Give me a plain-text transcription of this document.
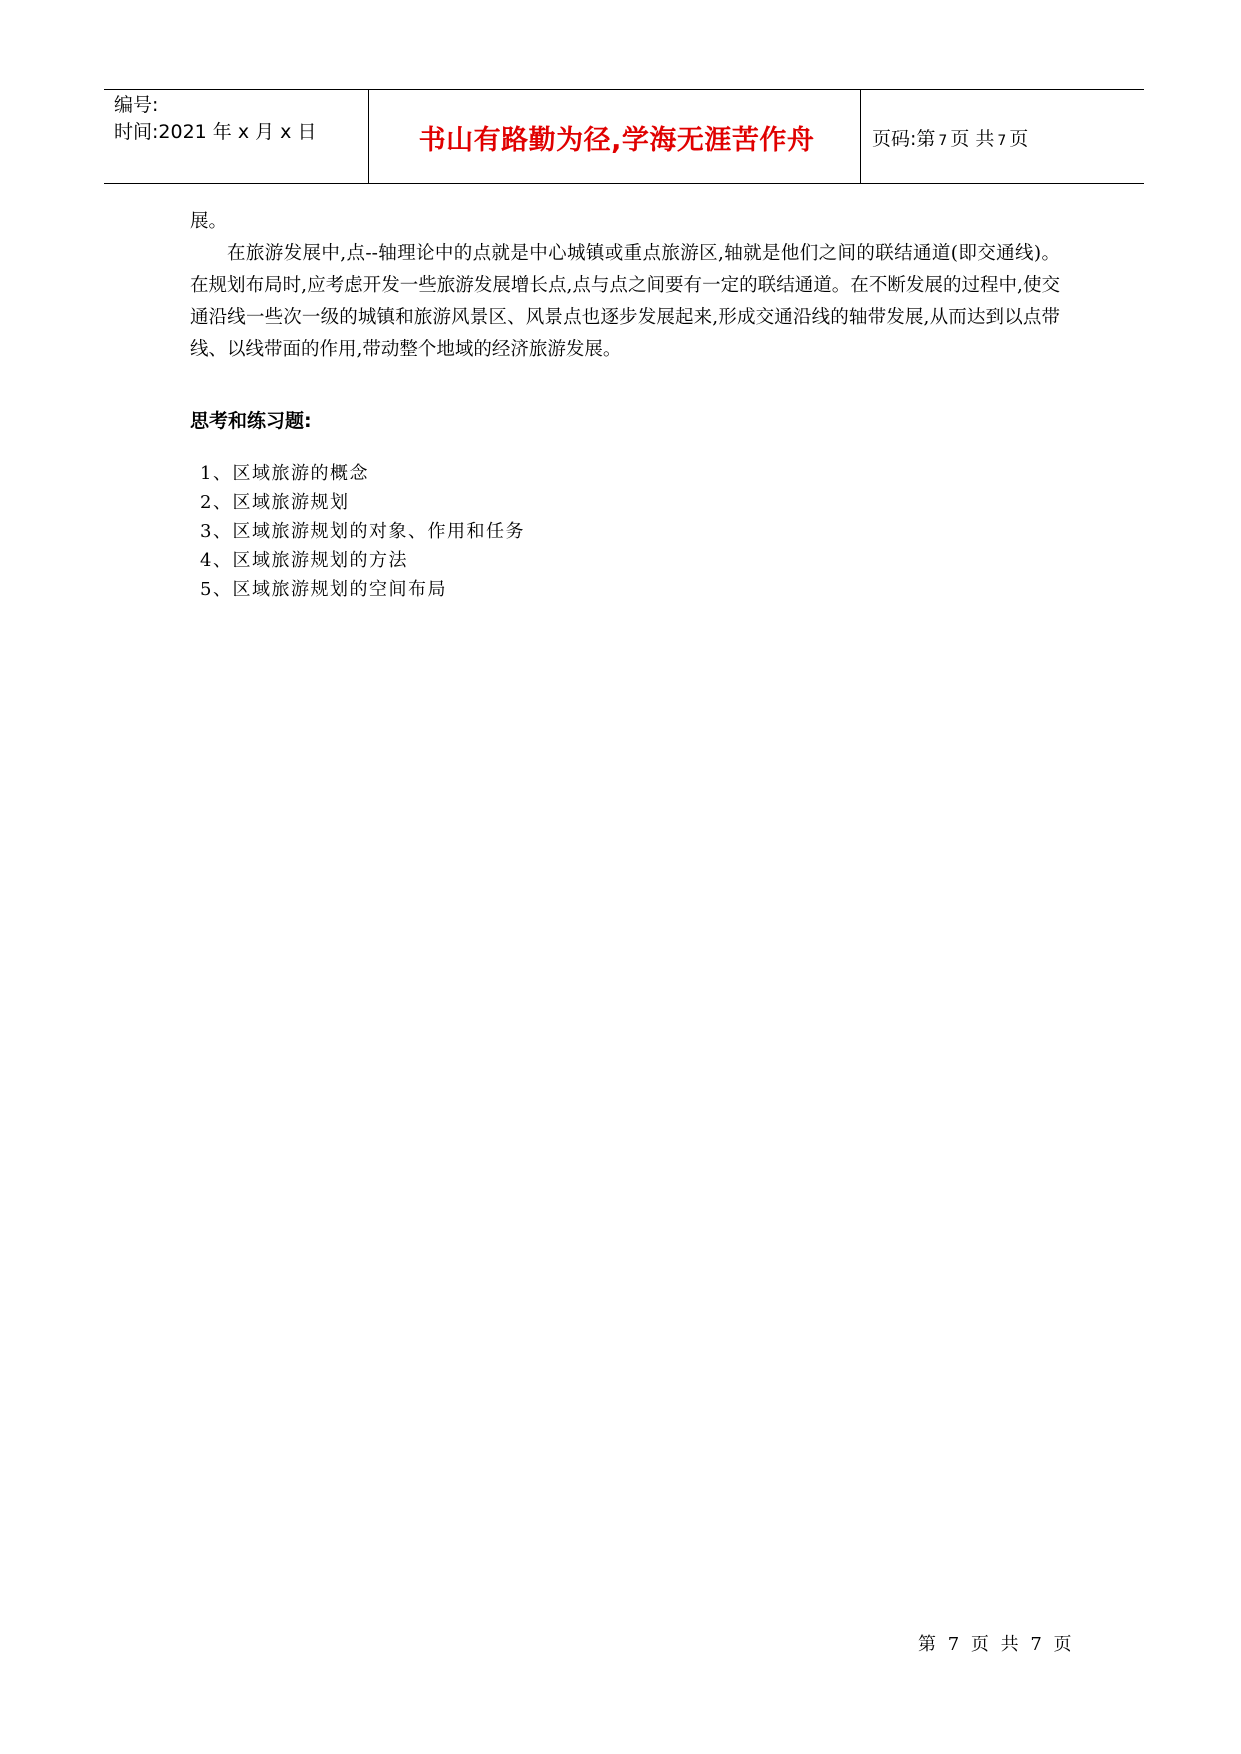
编号:
时间:2021 年 x 月 x 日	书山有路勤为径,学海无涯苦作舟	页码:第 7 页 共 7 页

展。

在旅游发展中,点--轴理论中的点就是中心城镇或重点旅游区,轴就是他们之间的联结通道(即交通线)。在规划布局时,应考虑开发一些旅游发展增长点,点与点之间要有一定的联结通道。在不断发展的过程中,使交通沿线一些次一级的城镇和旅游风景区、风景点也逐步发展起来,形成交通沿线的轴带发展,从而达到以点带线、以线带面的作用,带动整个地域的经济旅游发展。

思考和练习题:
1、区域旅游的概念
2、区域旅游规划
3、区域旅游规划的对象、作用和任务
4、区域旅游规划的方法
5、区域旅游规划的空间布局
第 7 页 共 7 页
